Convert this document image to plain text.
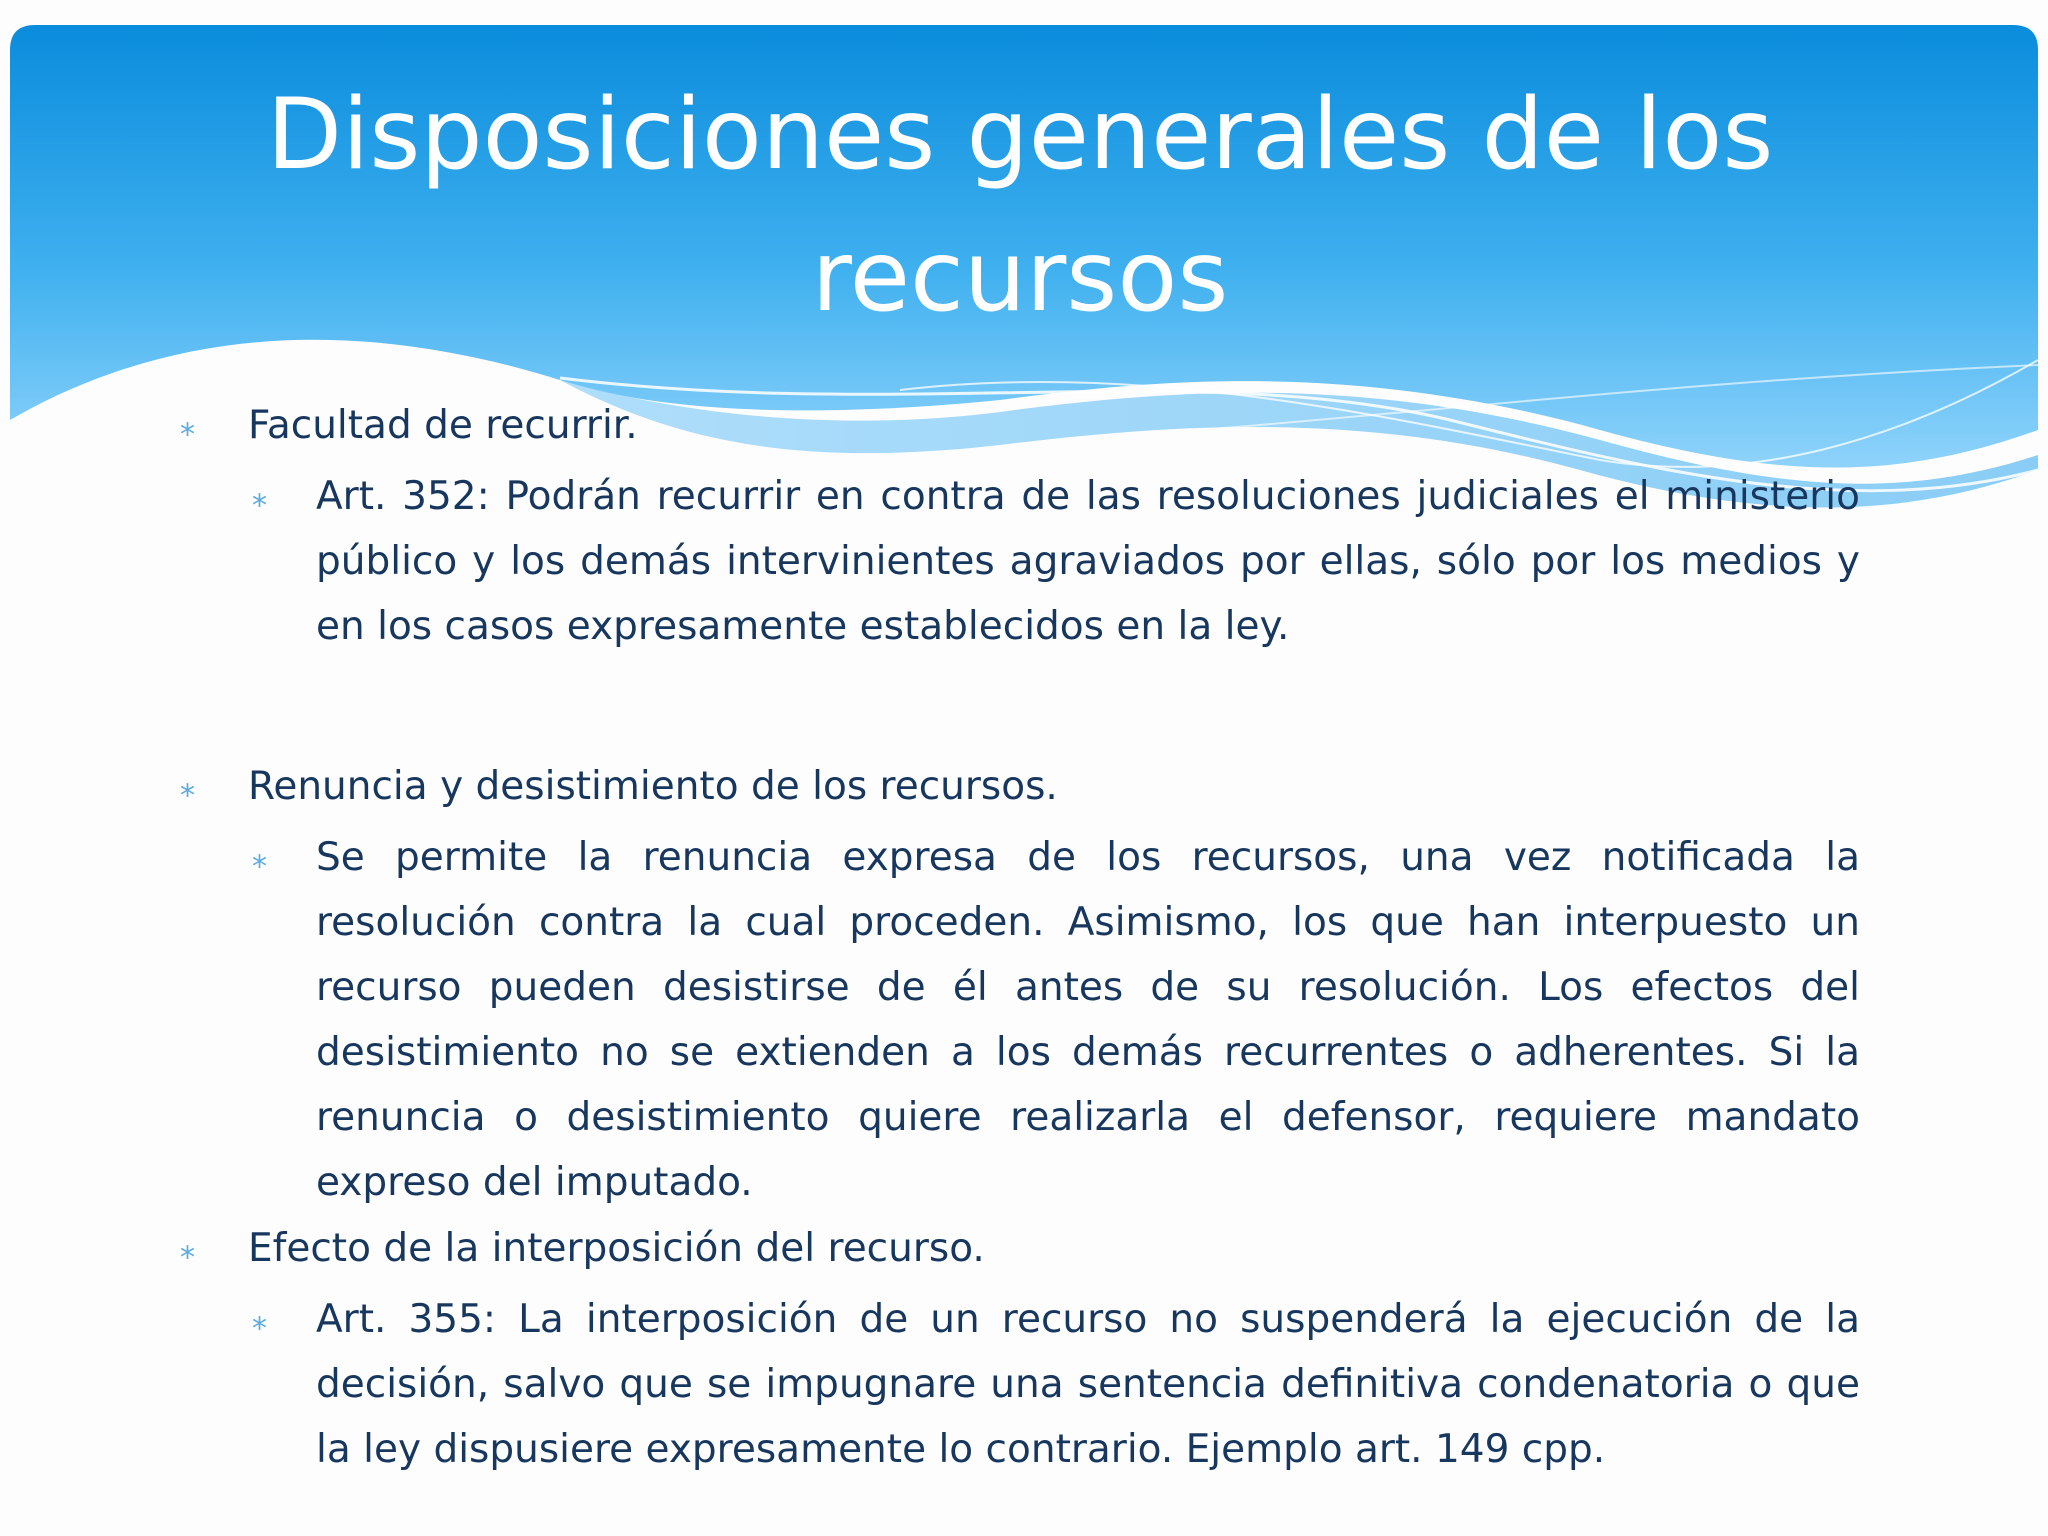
Disposiciones generales de los recursos
⁎ Facultad de recurrir.
⁎ Art. 352: Podrán recurrir en contra de las resoluciones judiciales el ministerio público y los demás intervinientes agraviados por ellas, sólo por los medios y en los casos expresamente establecidos en la ley.
⁎ Renuncia y desistimiento de los recursos.
⁎ Se permite la renuncia expresa de los recursos, una vez notificada la resolución contra la cual proceden. Asimismo, los que han interpuesto un recurso pueden desistirse de él antes de su resolución. Los efectos del desistimiento no se extienden a los demás recurrentes o adherentes. Si la renuncia o desistimiento quiere realizarla el defensor, requiere mandato expreso del imputado.
⁎ Efecto de la interposición del recurso.
⁎ Art. 355: La interposición de un recurso no suspenderá la ejecución de la decisión, salvo que se impugnare una sentencia definitiva condenatoria o que la ley dispusiere expresamente lo contrario. Ejemplo art. 149 cpp.
